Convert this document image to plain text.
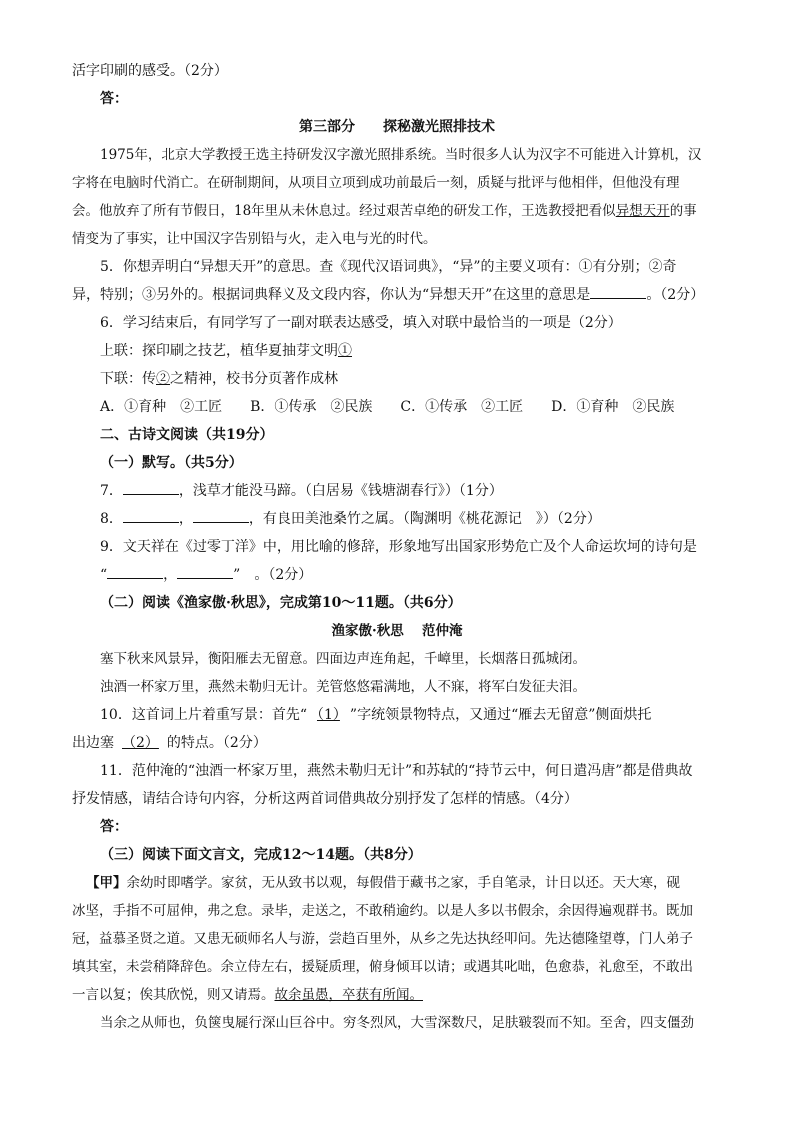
活字印刷的感受。（2分）
答：
第三部分　　探秘激光照排技术
1975年，北京大学教授王选主持研发汉字激光照排系统。当时很多人认为汉字不可能进入计算机，汉
字将在电脑时代消亡。在研制期间，从项目立项到成功前最后一刻，质疑与批评与他相伴，但他没有理
会。他放弃了所有节假日，18年里从未休息过。经过艰苦卓绝的研发工作，王选教授把看似异想天开的事
情变为了事实，让中国汉字告别铅与火，走入电与光的时代。
5．你想弄明白“异想天开”的意思。查《现代汉语词典》，“异”的主要义项有：①有分别；②奇
异，特别；③另外的。根据词典释义及文段内容，你认为“异想天开”在这里的意思是	。（2分）
6．学习结束后，有同学写了一副对联表达感受，填入对联中最恰当的一项是（2分）
上联：探印刷之技艺，植华夏抽芽文明①
下联：传②之精神，校书分页著作成林
A．①育种　②工匠　　B．①传承　②民族　　C．①传承　②工匠　　D．①育种　②民族
二、古诗文阅读（共19分）
（一）默写。（共5分）
7．	，浅草才能没马蹄。（白居易《钱塘湖春行》）（1分）
8．	，	，有良田美池桑竹之属。（陶渊明《桃花源记　》）（2分）
9．文天祥在《过零丁洋》中，用比喻的修辞，形象地写出国家形势危亡及个人命运坎坷的诗句是
“	，	”　。（2分）
（二）阅读《渔家傲·秋思》，完成第10～11题。（共6分）
渔家傲·秋思　 范仲淹
塞下秋来风景异，衡阳雁去无留意。四面边声连角起，千嶂里，长烟落日孤城闭。
浊酒一杯家万里，燕然未勒归无计。羌管悠悠霜满地，人不寐，将军白发征夫泪。
10．这首词上片着重写景：首先“ （1） ”字统领景物特点，又通过“雁去无留意”侧面烘托
出边塞 （2） 的特点。（2分）
11．范仲淹的“浊酒一杯家万里，燕然未勒归无计”和苏轼的“持节云中，何日遣冯唐”都是借典故
抒发情感，请结合诗句内容，分析这两首词借典故分别抒发了怎样的情感。（4分）
答：
（三）阅读下面文言文，完成12～14题。（共8分）
【甲】余幼时即嗜学。家贫，无从致书以观，每假借于藏书之家，手自笔录，计日以还。天大寒，砚
冰坚，手指不可屈伸，弗之怠。录毕，走送之，不敢稍逾约。以是人多以书假余，余因得遍观群书。既加
冠，益慕圣贤之道。又患无硕师名人与游，尝趋百里外，从乡之先达执经叩问。先达德隆望尊，门人弟子
填其室，未尝稍降辞色。余立侍左右，援疑质理，俯身倾耳以请；或遇其叱咄，色愈恭，礼愈至，不敢出
一言以复；俟其欣悦，则又请焉。故余虽愚，卒获有所闻。
当余之从师也，负箧曳屣行深山巨谷中。穷冬烈风，大雪深数尺，足肤皲裂而不知。至舍，四支僵劲
